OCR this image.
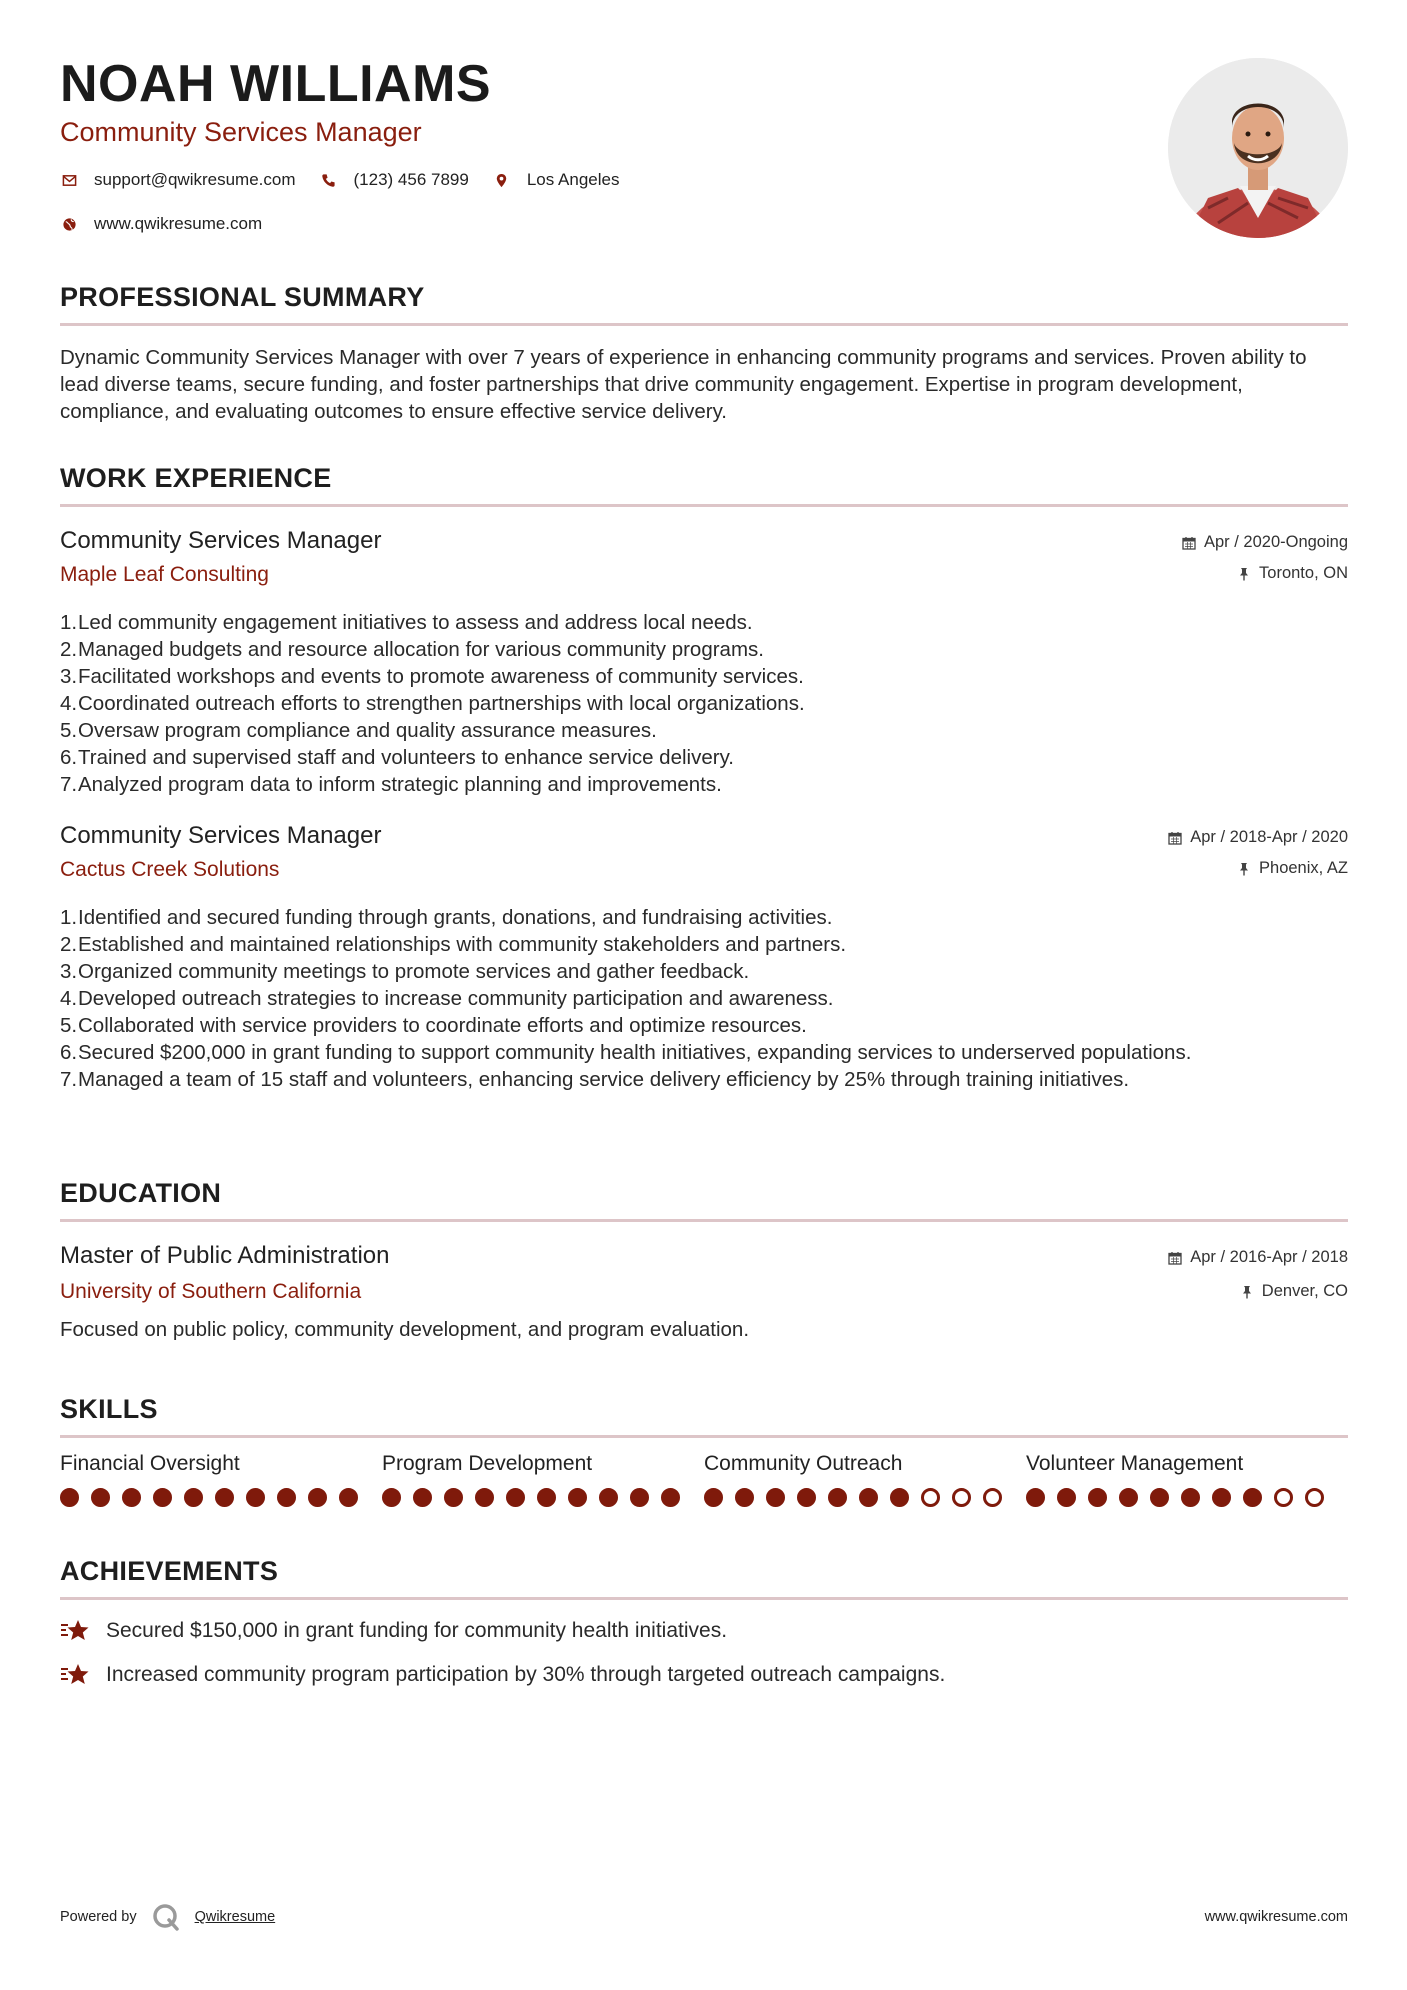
NOAH WILLIAMS
Community Services Manager
support@qwikresume.com	(123) 456 7899	Los Angeles
www.qwikresume.com
PROFESSIONAL SUMMARY
Dynamic Community Services Manager with over 7 years of experience in enhancing community programs and services. Proven ability to lead diverse teams, secure funding, and foster partnerships that drive community engagement. Expertise in program development, compliance, and evaluating outcomes to ensure effective service delivery.
WORK EXPERIENCE
Community Services Manager
Maple Leaf Consulting
Apr / 2020-Ongoing
Toronto, ON
1. Led community engagement initiatives to assess and address local needs.
2. Managed budgets and resource allocation for various community programs.
3. Facilitated workshops and events to promote awareness of community services.
4. Coordinated outreach efforts to strengthen partnerships with local organizations.
5. Oversaw program compliance and quality assurance measures.
6. Trained and supervised staff and volunteers to enhance service delivery.
7. Analyzed program data to inform strategic planning and improvements.
Community Services Manager
Cactus Creek Solutions
Apr / 2018-Apr / 2020
Phoenix, AZ
1. Identified and secured funding through grants, donations, and fundraising activities.
2. Established and maintained relationships with community stakeholders and partners.
3. Organized community meetings to promote services and gather feedback.
4. Developed outreach strategies to increase community participation and awareness.
5. Collaborated with service providers to coordinate efforts and optimize resources.
6. Secured $200,000 in grant funding to support community health initiatives, expanding services to underserved populations.
7. Managed a team of 15 staff and volunteers, enhancing service delivery efficiency by 25% through training initiatives.
EDUCATION
Master of Public Administration
University of Southern California
Apr / 2016-Apr / 2018
Denver, CO
Focused on public policy, community development, and program evaluation.
SKILLS
Financial Oversight	Program Development	Community Outreach	Volunteer Management
ACHIEVEMENTS
Secured $150,000 in grant funding for community health initiatives.
Increased community program participation by 30% through targeted outreach campaigns.
Powered by	Qwikresume	www.qwikresume.com
